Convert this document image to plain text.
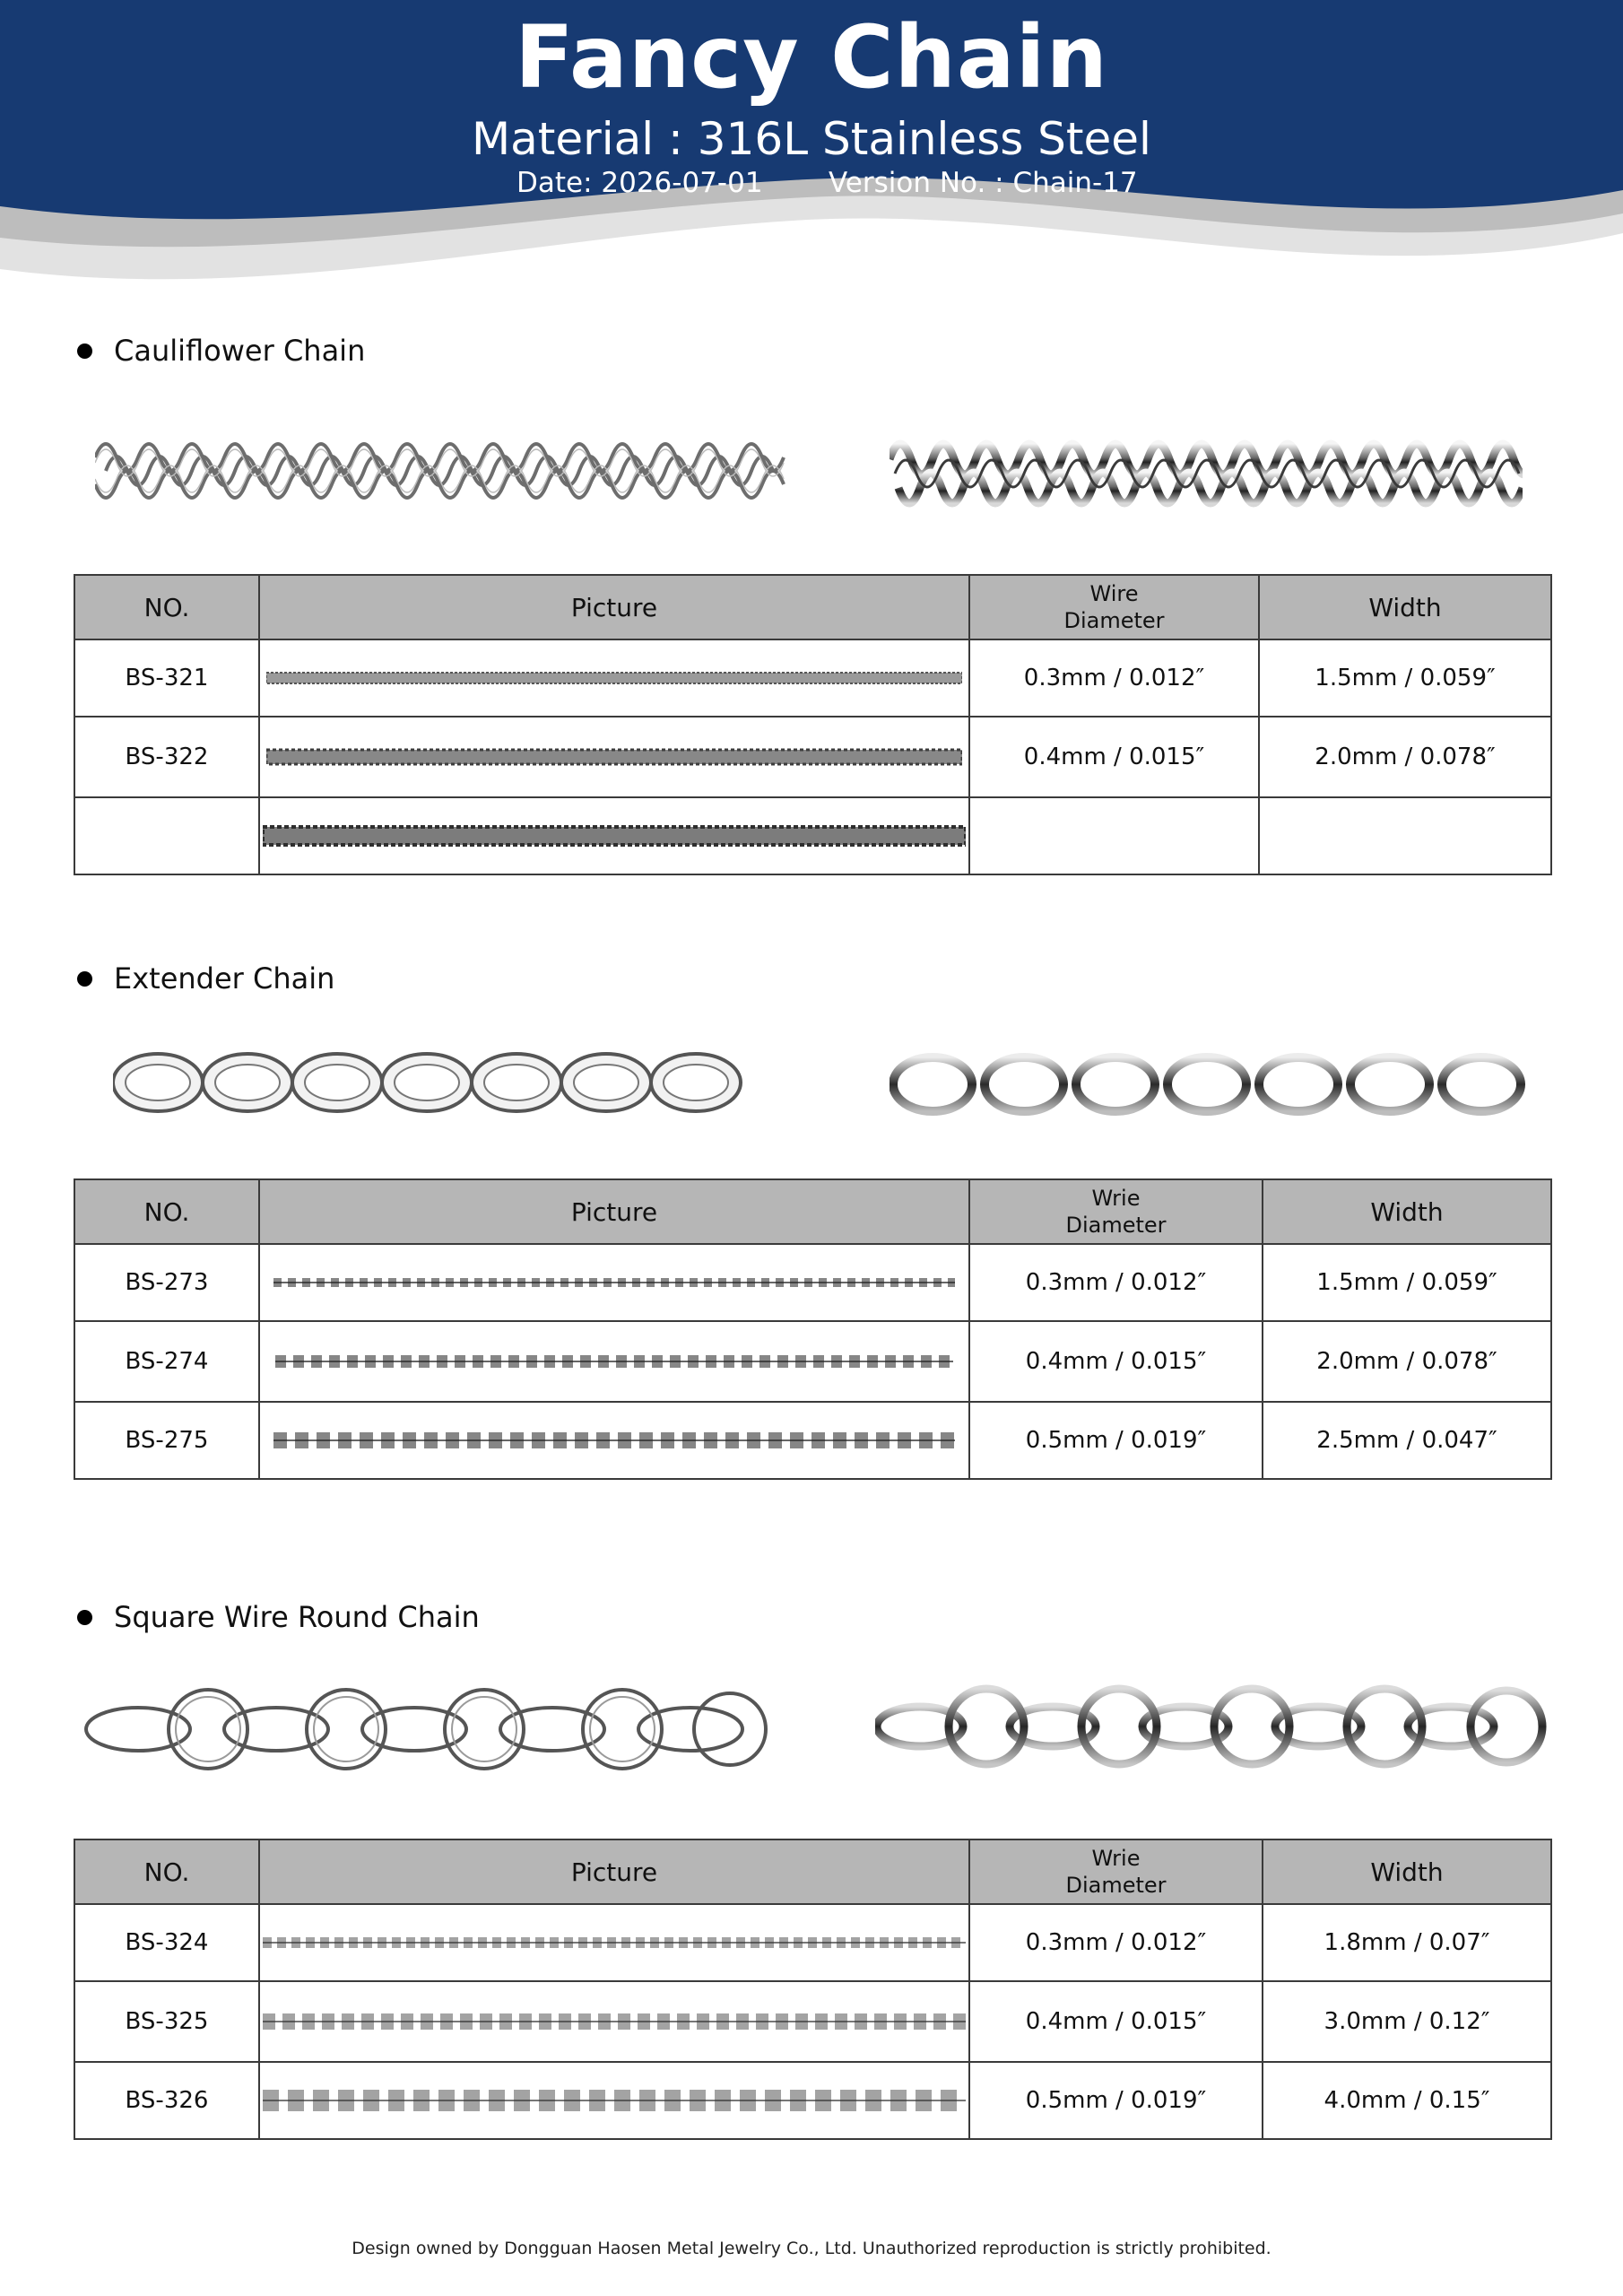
Fancy Chain
Material : 316L Stainless Steel
Date: 2026-07-01 Version No. : Chain-17
Cauliflower Chain
NO.	Picture	Wire Diameter	Width
BS-321		0.3mm / 0.012″	1.5mm / 0.059″
BS-322		0.4mm / 0.015″	2.0mm / 0.078″

Extender Chain
NO.	Picture	Wrie Diameter	Width
BS-273		0.3mm / 0.012″	1.5mm / 0.059″
BS-274		0.4mm / 0.015″	2.0mm / 0.078″
BS-275		0.5mm / 0.019″	2.5mm / 0.047″
Square Wire Round Chain
NO.	Picture	Wrie Diameter	Width
BS-324		0.3mm / 0.012″	1.8mm / 0.07″
BS-325		0.4mm / 0.015″	3.0mm / 0.12″
BS-326		0.5mm / 0.019″	4.0mm / 0.15″
Design owned by Dongguan Haosen Metal Jewelry Co., Ltd. Unauthorized reproduction is strictly prohibited.
